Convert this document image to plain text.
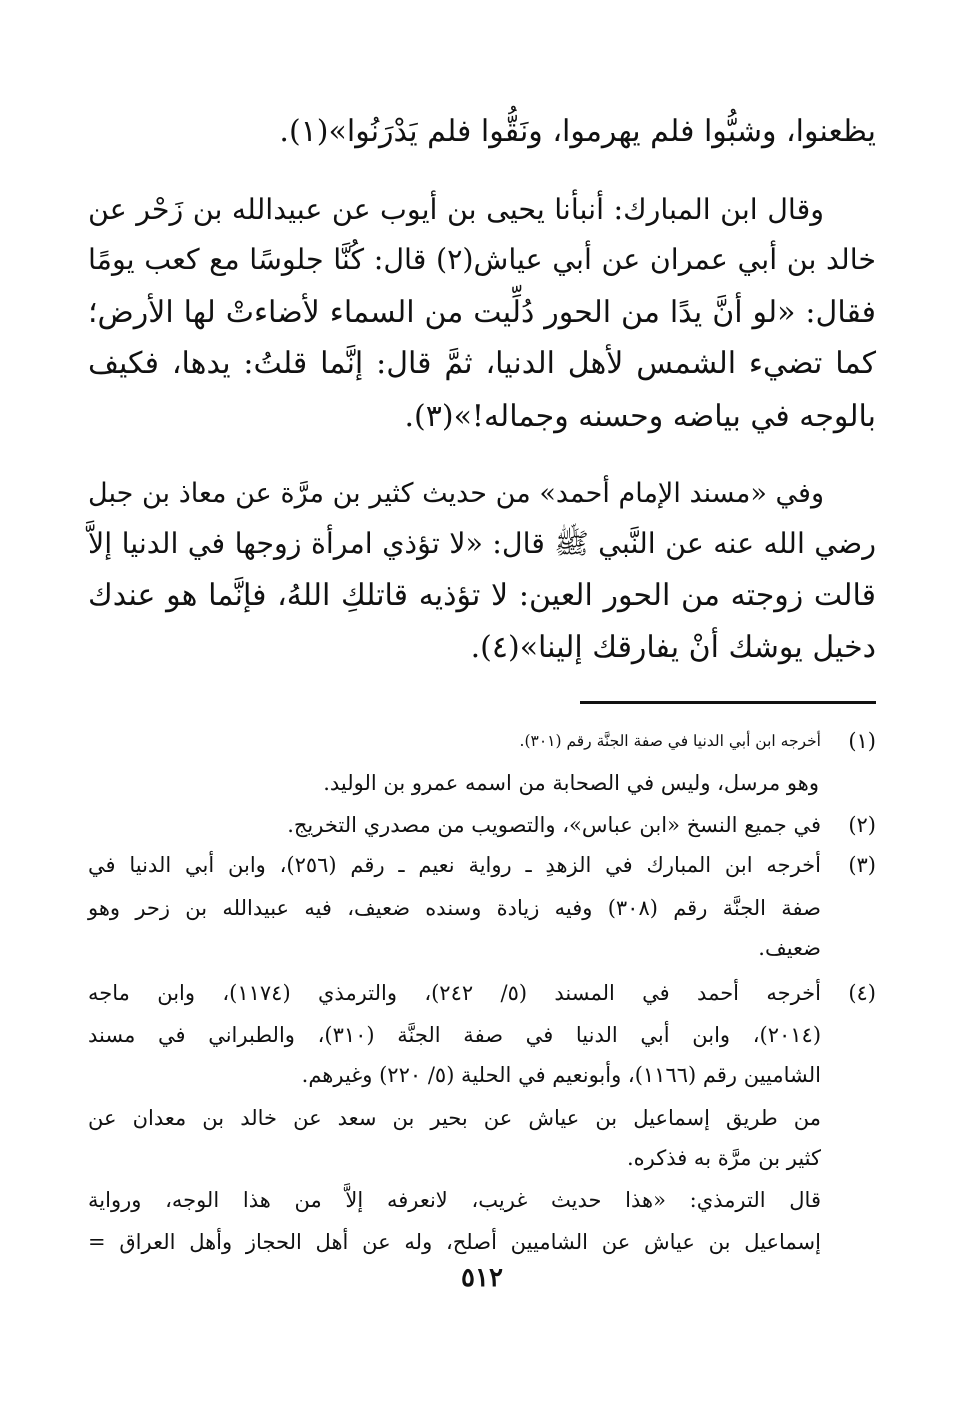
يظعنوا، وشبُّوا فلم يهرموا، ونَقُّوا فلم يَدْرَنُوا»(١).
وقال ابن المبارك: أنبأنا يحيى بن أيوب عن عبيدالله بن زَحْر عن
خالد بن أبي عمران عن أبي عياش(٢) قال: كُنَّا جلوسًا مع كعب يومًا
فقال: «لو أنَّ يدًا من الحور دُلِّيت من السماء لأضاءتْ لها الأرض؛
كما تضيء الشمس لأهل الدنيا، ثمَّ قال: إنَّما قلتُ: يدها، فكيف
بالوجه في بياضه وحسنه وجماله!»(٣).
وفي «مسند الإمام أحمد» من حديث كثير بن مرَّة عن معاذ بن جبل
رضي الله عنه عن النَّبي ﷺ قال: «لا تؤذي امرأة زوجها في الدنيا إلاَّ
قالت زوجته من الحور العين: لا تؤذيه قاتلكِ اللهُ، فإنَّما هو عندك
دخيل يوشك أنْ يفارقك إلينا»(٤).
(١)
أخرجه ابن أبي الدنيا في صفة الجنَّة رقم (٣٠١).
وهو مرسل، وليس في الصحابة من اسمه عمرو بن الوليد.
(٢)
في جميع النسخ «ابن عباس»، والتصويب من مصدري التخريج.
(٣)
أخرجه ابن المبارك في الزهدِ ـ رواية نعيم ـ رقم (٢٥٦)، وابن أبي الدنيا في
صفة الجنَّة رقم (٣٠٨) وفيه زيادة وسنده ضعيف، فيه عبيدالله بن زحر وهو
ضعيف.
(٤)
أخرجه أحمد في المسند (٥/ ٢٤٢)، والترمذي (١١٧٤)، وابن ماجه
(٢٠١٤)، وابن أبي الدنيا في صفة الجنَّة (٣١٠)، والطبراني في مسند
الشاميين رقم (١١٦٦)، وأبونعيم في الحلية (٥/ ٢٢٠) وغيرهم.
من طريق إسماعيل بن عياش عن بحير بن سعد عن خالد بن معدان عن
كثير بن مرَّة به فذكره.
قال الترمذي: «هذا حديث غريب، لانعرفه إلاَّ من هذا الوجه، ورواية
إسماعيل بن عياش عن الشاميين أصلح، وله عن أهل الحجاز وأهل العراق =
٥١٢
